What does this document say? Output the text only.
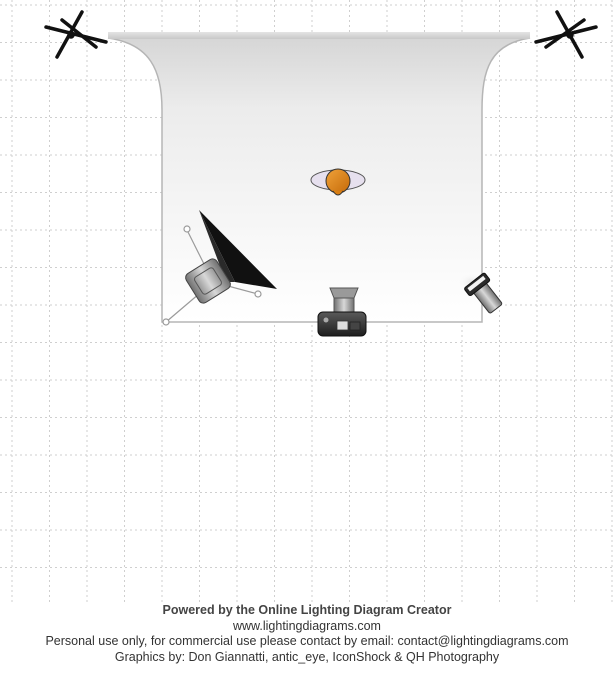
Powered by the Online Lighting Diagram Creator
www.lightingdiagrams.com
Personal use only, for commercial use please contact by email: contact@lightingdiagrams.com
Graphics by: Don Giannatti, antic_eye, IconShock & QH Photography
